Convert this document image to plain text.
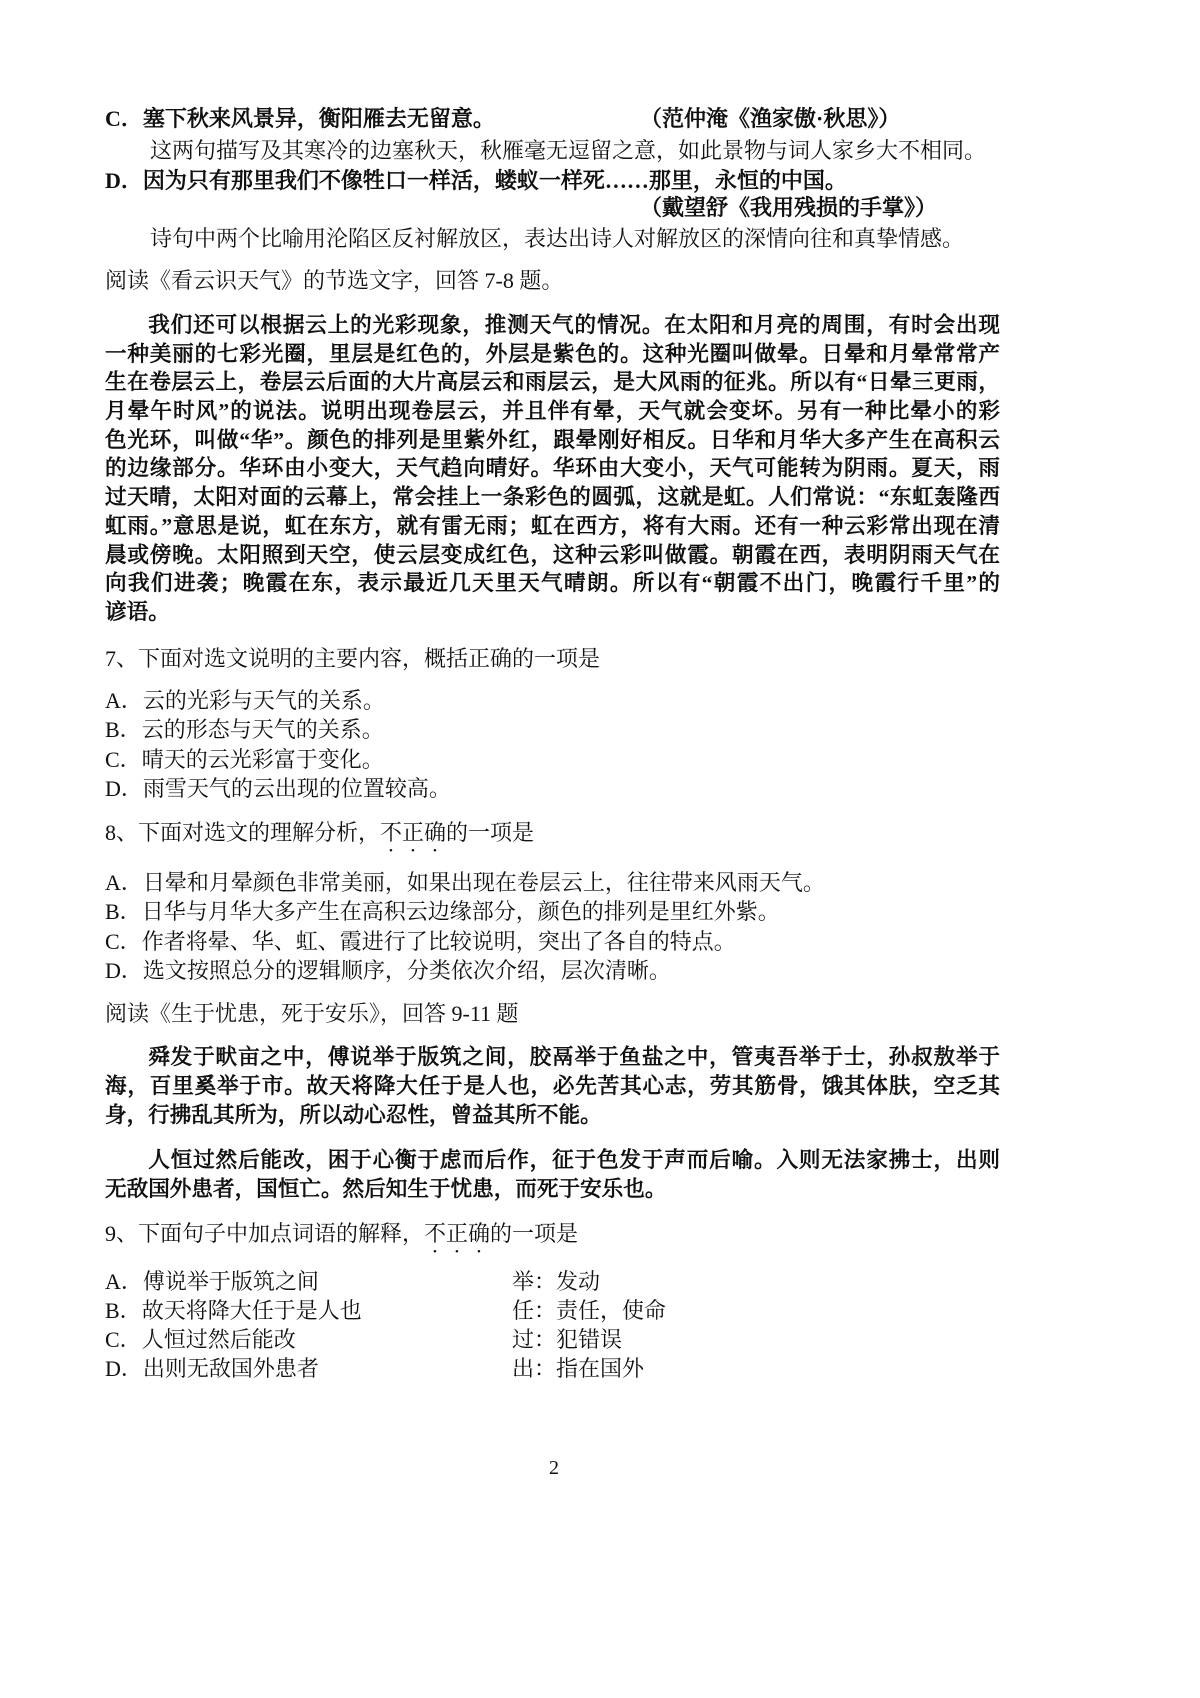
C．塞下秋来风景异，衡阳雁去无留意。	（范仲淹《渔家傲·秋思》）
这两句描写及其寒冷的边塞秋天，秋雁毫无逗留之意，如此景物与词人家乡大不相同。
D．因为只有那里我们不像牲口一样活，蝼蚁一样死……那里，永恒的中国。
（戴望舒《我用残损的手掌》）
诗句中两个比喻用沦陷区反衬解放区，表达出诗人对解放区的深情向往和真挚情感。
阅读《看云识天气》的节选文字，回答 7-8 题。
我们还可以根据云上的光彩现象，推测天气的情况。在太阳和月亮的周围，有时会出现
一种美丽的七彩光圈，里层是红色的，外层是紫色的。这种光圈叫做晕。日晕和月晕常常产
生在卷层云上，卷层云后面的大片高层云和雨层云，是大风雨的征兆。所以有“日晕三更雨，
月晕午时风”的说法。说明出现卷层云，并且伴有晕，天气就会变坏。另有一种比晕小的彩
色光环，叫做“华”。颜色的排列是里紫外红，跟晕刚好相反。日华和月华大多产生在高积云
的边缘部分。华环由小变大，天气趋向晴好。华环由大变小，天气可能转为阴雨。夏天，雨
过天晴，太阳对面的云幕上，常会挂上一条彩色的圆弧，这就是虹。人们常说：“东虹轰隆西
虹雨。”意思是说，虹在东方，就有雷无雨；虹在西方，将有大雨。还有一种云彩常出现在清
晨或傍晚。太阳照到天空，使云层变成红色，这种云彩叫做霞。朝霞在西，表明阴雨天气在
向我们进袭；晚霞在东，表示最近几天里天气晴朗。所以有“朝霞不出门，晚霞行千里”的
谚语。
7、下面对选文说明的主要内容，概括正确的一项是
A．云的光彩与天气的关系。
B．云的形态与天气的关系。
C．晴天的云光彩富于变化。
D．雨雪天气的云出现的位置较高。
8、下面对选文的理解分析，不正确的一项是
A．日晕和月晕颜色非常美丽，如果出现在卷层云上，往往带来风雨天气。
B．日华与月华大多产生在高积云边缘部分，颜色的排列是里红外紫。
C．作者将晕、华、虹、霞进行了比较说明，突出了各自的特点。
D．选文按照总分的逻辑顺序，分类依次介绍，层次清晰。
阅读《生于忧患，死于安乐》，回答 9-11 题
舜发于畎亩之中，傅说举于版筑之间，胶鬲举于鱼盐之中，管夷吾举于士，孙叔敖举于
海，百里奚举于市。故天将降大任于是人也，必先苦其心志，劳其筋骨，饿其体肤，空乏其
身，行拂乱其所为，所以动心忍性，曾益其所不能。
人恒过然后能改，困于心衡于虑而后作，征于色发于声而后喻。入则无法家拂士，出则
无敌国外患者，国恒亡。然后知生于忧患，而死于安乐也。
9、下面句子中加点词语的解释，不正确的一项是
A．傅说举于版筑之间	举：发动
B．故天将降大任于是人也	任：责任，使命
C．人恒过然后能改	过：犯错误
D．出则无敌国外患者	出：指在国外
2
